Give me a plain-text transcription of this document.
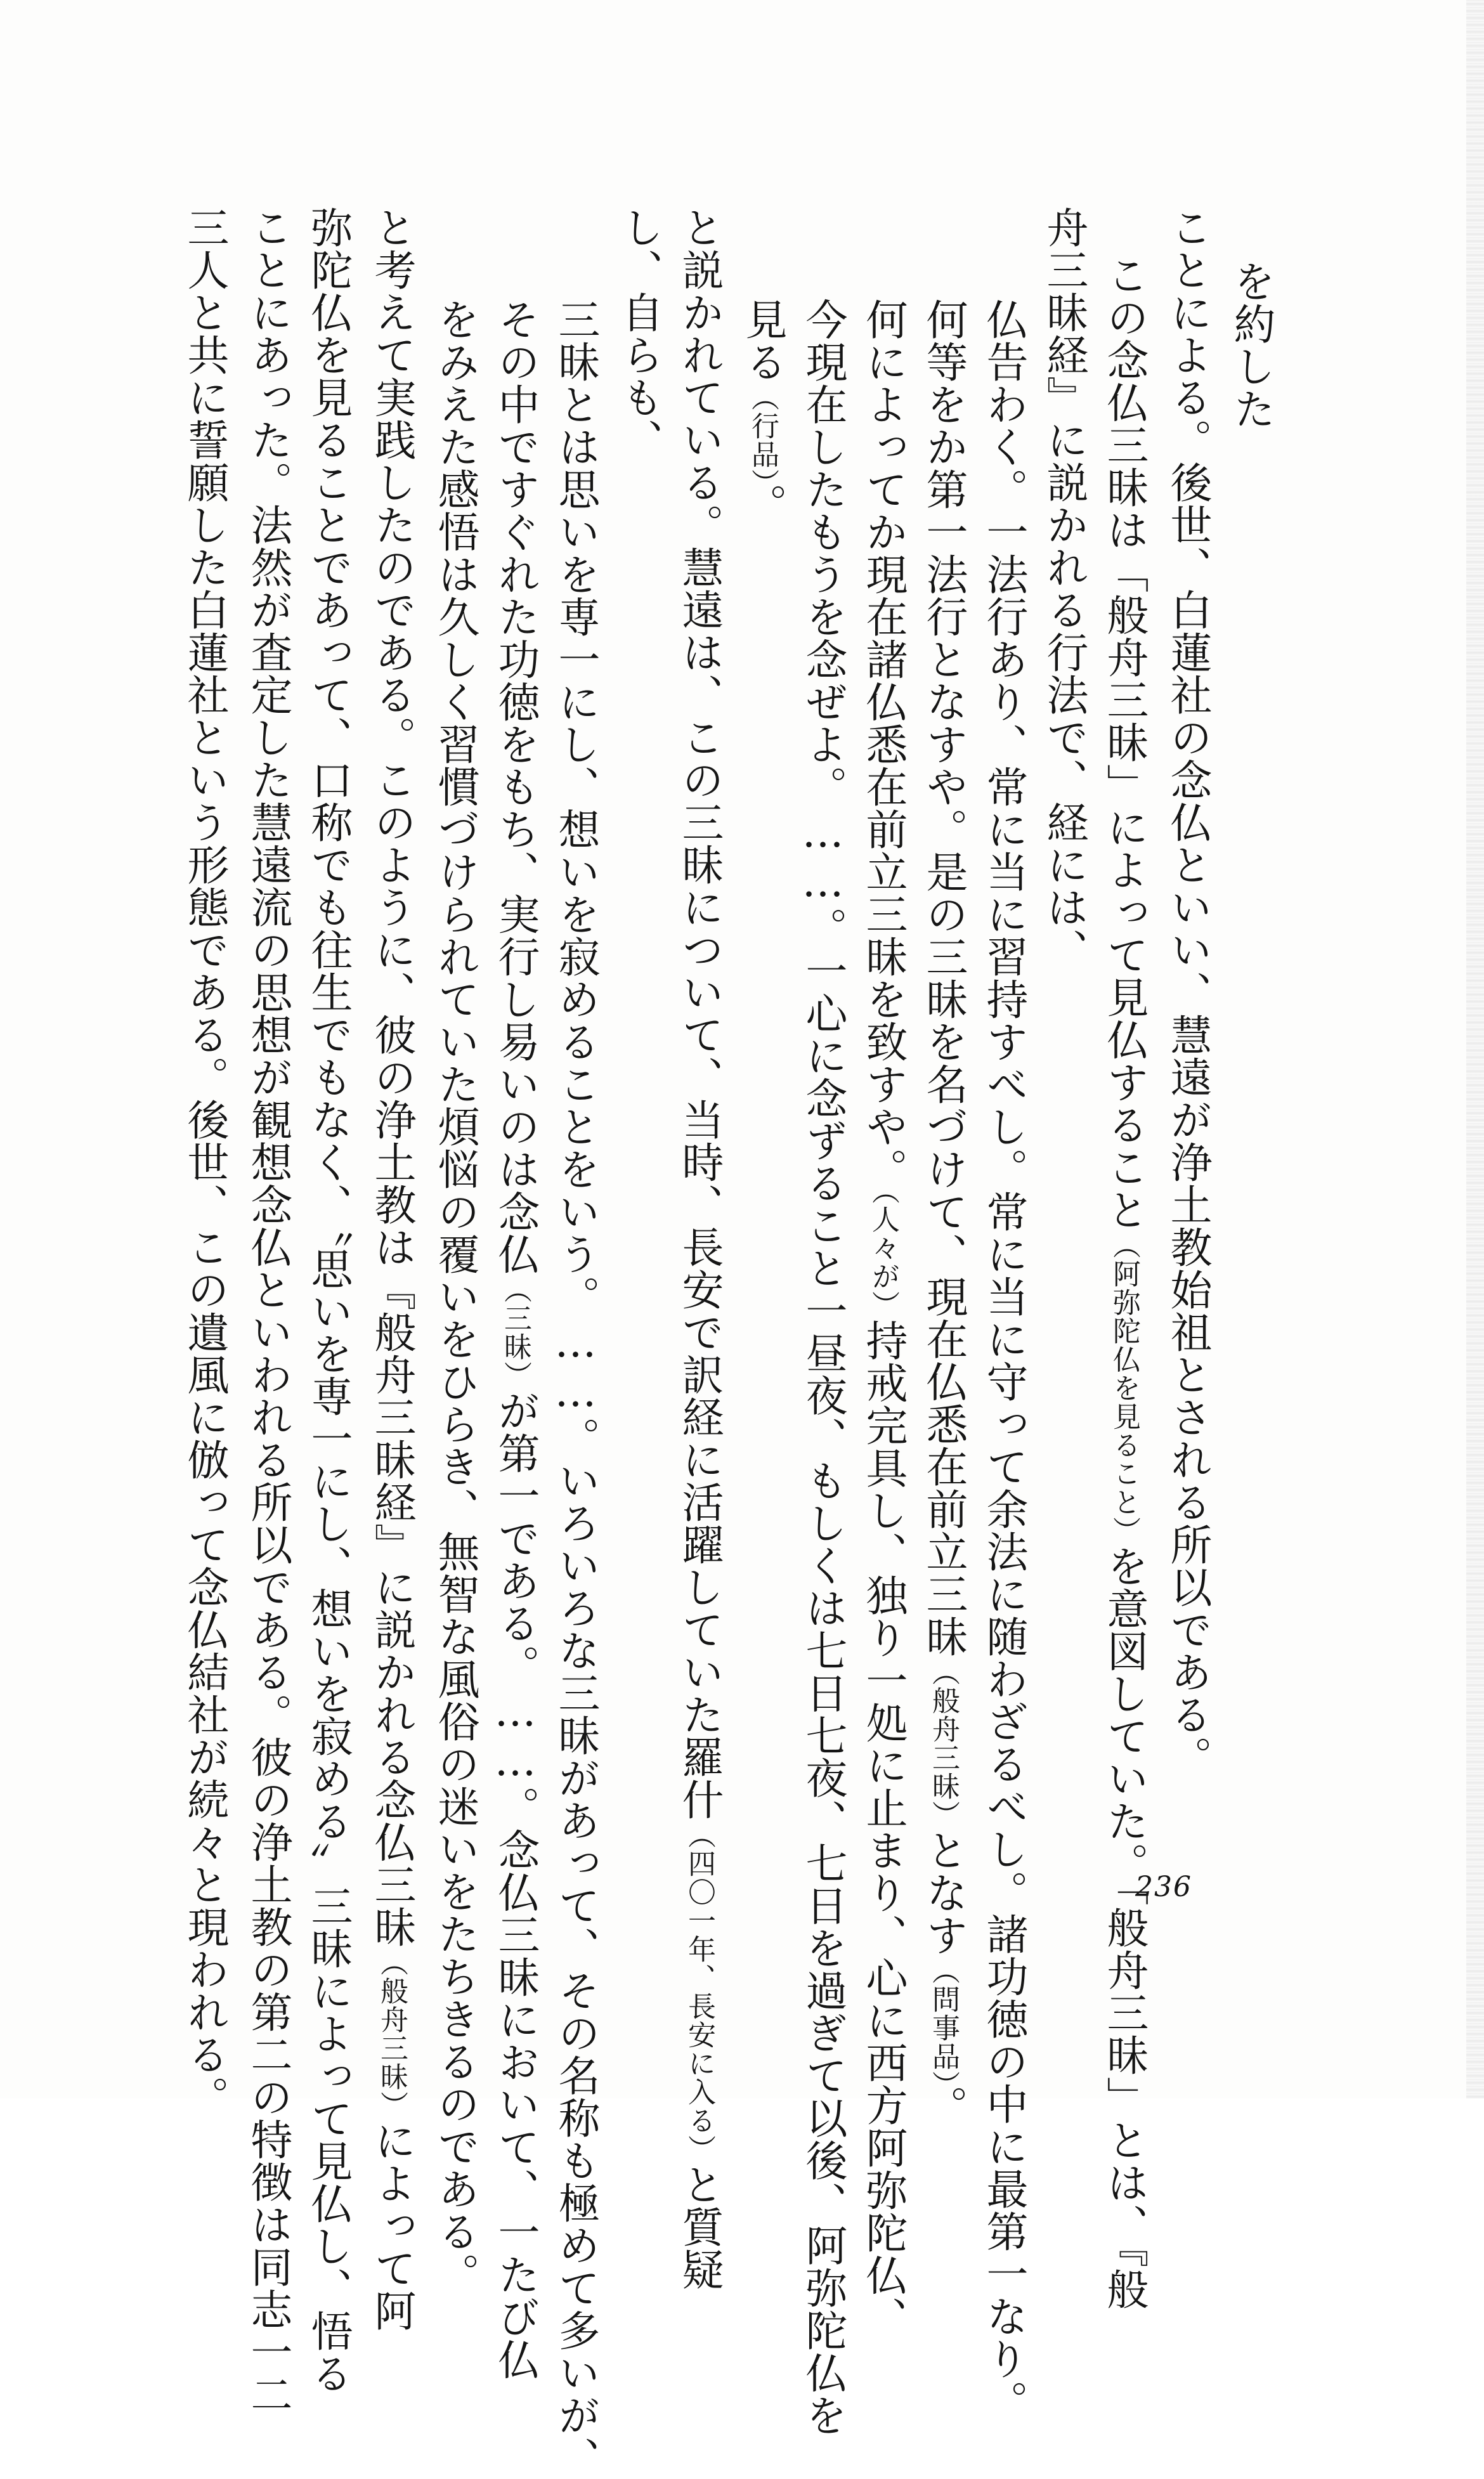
を約した
ことによる。後世、白蓮社の念仏といい、慧遠が浄土教始祖とされる所以である。
この念仏三昧は「般舟三昧」によって見仏すること（阿弥陀仏を見ること）を意図していた。「般舟三昧」とは、『般
舟三昧経』に説かれる行法で、経には、
仏告わく。一法行あり、常に当に習持すべし。常に当に守って余法に随わざるべし。諸功徳の中に最第一なり。
何等をか第一法行となすや。是の三昧を名づけて、現在仏悉在前立三昧（般舟三昧）となす（問事品）。
何によってか現在諸仏悉在前立三昧を致すや。（人々が）持戒完具し、独り一処に止まり、心に西方阿弥陀仏、
今現在したもうを念ぜよ。……。一心に念ずること一昼夜、もしくは七日七夜、七日を過ぎて以後、阿弥陀仏を
見る（行品）。
と説かれている。慧遠は、この三昧について、当時、長安で訳経に活躍していた羅什（四〇一年、長安に入る）と質疑
し、自らも、
三昧とは思いを専一にし、想いを寂めることをいう。……。いろいろな三昧があって、その名称も極めて多いが、
その中ですぐれた功徳をもち、実行し易いのは念仏（三昧）が第一である。……。念仏三昧において、一たび仏
をみえた感悟は久しく習慣づけられていた煩悩の覆いをひらき、無智な風俗の迷いをたちきるのである。
と考えて実践したのである。このように、彼の浄土教は『般舟三昧経』に説かれる念仏三昧（般舟三昧）によって阿
弥陀仏を見ることであって、口称でも往生でもなく、〝思いを専一にし、想いを寂める〟三昧によって見仏し、悟る
ことにあった。法然が査定した慧遠流の思想が観想念仏といわれる所以である。彼の浄土教の第二の特徴は同志一二
三人と共に誓願した白蓮社という形態である。後世、この遺風に倣って念仏結社が続々と現われる。	236
